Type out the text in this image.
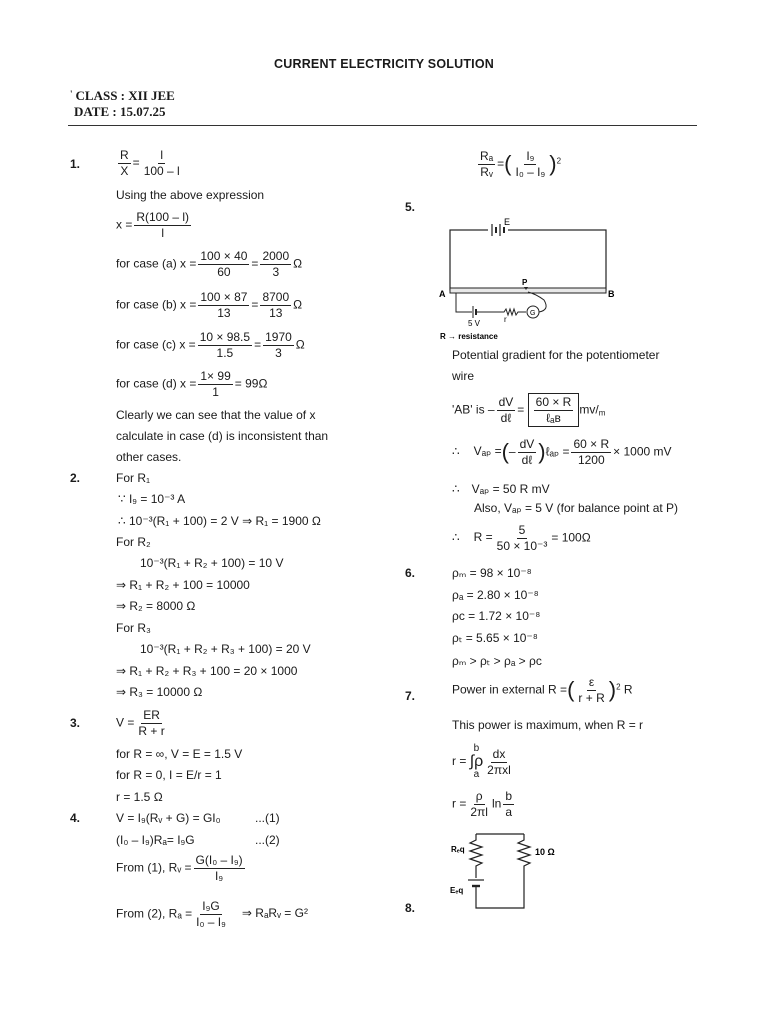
CURRENT ELECTRICITY SOLUTION
' CLASS : XII JEE
DATE : 15.07.25
1.	$\frac{R}{X} = \frac{l}{100 - l}$
Using the above expression
$x = \frac{R(100 - l)}{l}$
for case (a) $x = \frac{100 \times 40}{60} = \frac{2000}{3}$ Ω
for case (b) $x = \frac{100 \times 87}{13} = \frac{8700}{13}$ Ω
for case (c) $x = \frac{10 \times 98.5}{1.5} = \frac{1970}{3}$ Ω
for case (d) $x = \frac{1\times 99}{1} = 99\Omega$
Clearly we can see that the value of x
calculate in case (d) is inconsistent than
other cases.
2.	For R₁
∵ I₉ = 10⁻³ A
∴ 10⁻³(R₁ + 100) = 2 V ⇒ R₁ = 1900 Ω
For R₂
10⁻³(R₁ + R₂ + 100) = 10 V
⇒ R₁ + R₂ + 100 = 10000
⇒ R₂ = 8000 Ω
For R₃
10⁻³(R₁ + R₂ + R₃ + 100) = 20 V
⇒ R₁ + R₂ + R₃ + 100 = 20 × 1000
⇒ R₃ = 10000 Ω
3.	$V = \frac{ER}{R + r}$
for R = ∞, V = E = 1.5 V
for R = 0, I = E/r = 1
r = 1.5 Ω
4.	V = I₉(Rᵥ + G) = GI₀	...(1)
(I₀ – I₉)Rₐ= I₉G	...(2)
From (1), Rᵥ = $\frac{\text{G(I₀ – I₉)}}{\text{I₉}}$
From (2), $R_a = \frac{\text{I₉G}}{\text{I₀ – I₉}}$ ⇒ RₐRᵥ = G²
$\frac{\text{Rₐ}}{\text{Rᵥ}}$ =( $\frac{\text{I₉}}{\text{I₀ – I₉}} )^2$
5.
E
A	B
P
G
5 V	r
R → resistance
Potential gradient for the potentiometer
wire
'AB' is –
dV
dℓ
=
60 × R
ℓₐʙ
$mv/_m$
∴ Vₐₚ =(–
dV
dℓ )ℓₐₚ = $\frac{60 \times R}{1200} \times 1000$ mV
∴ Vₐₚ = 50 R mV
Also, Vₐₚ = 5 V (for balance point at P)
∴ $R = \frac{5}{\text{50 × 10⁻³}} = 100\Omega$
6.	ρₘ = 98 × 10⁻⁸
ρₐ = 2.80 × 10⁻⁸
ρc = 1.72 × 10⁻⁸
ρₜ = 5.65 × 10⁻⁸
ρₘ > ρₜ > ρₐ > ρc
7.	Power in external R =( $\frac{\varepsilon}{r + R} )^2$ R
This power is maximum, when R = r
r =
b
∫ρ
a
dx
2πxl
$r = \frac{\rho}{2\pi l}$ $\ln \frac{b}{a}$
Rₑq	10 Ω
Eₑq
8.
